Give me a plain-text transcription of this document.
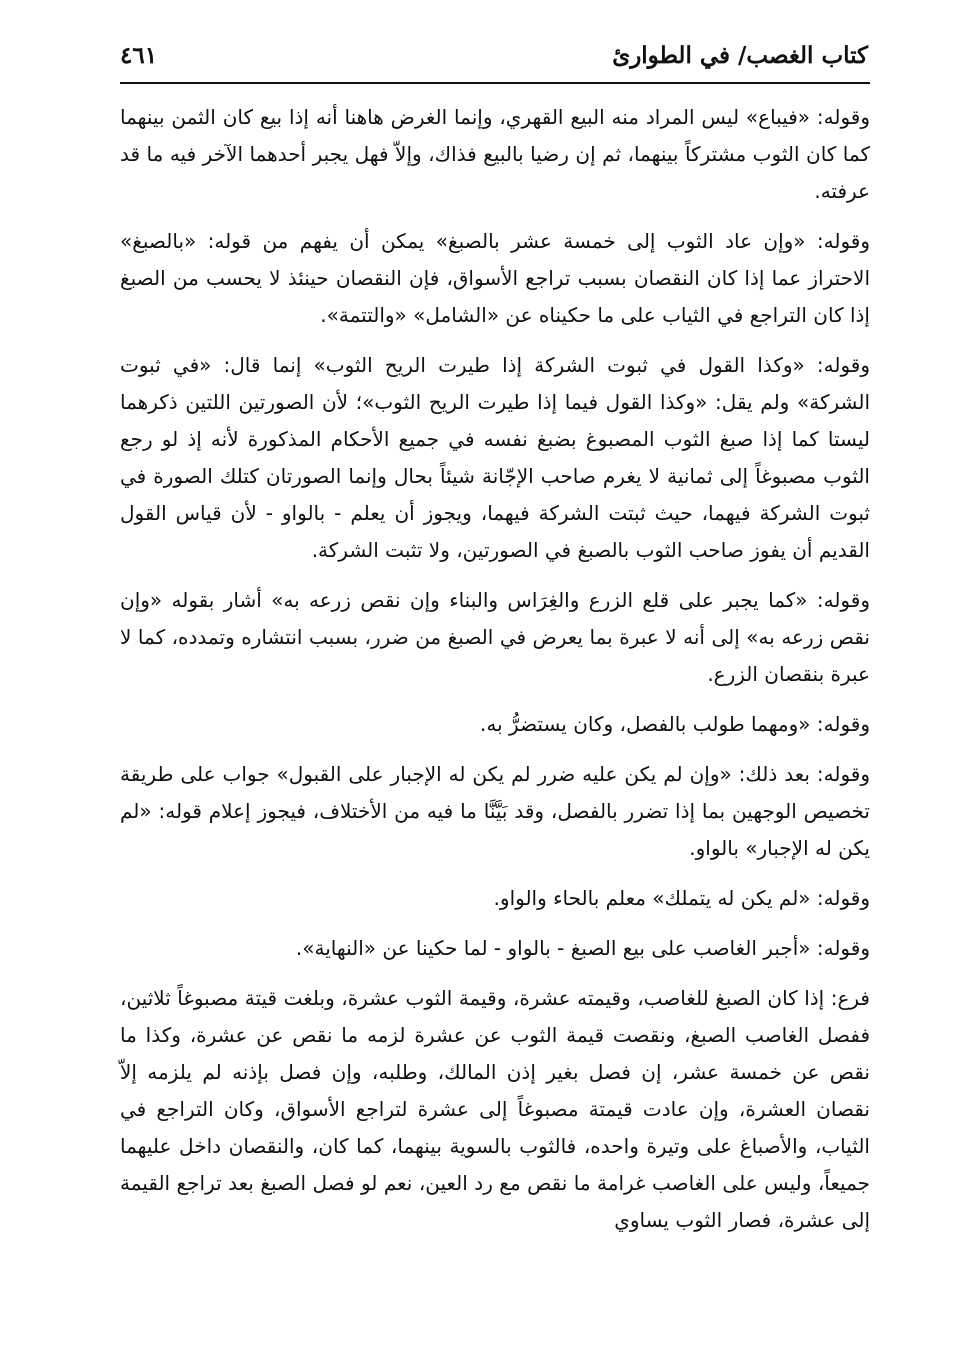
كتاب الغصب/ في الطوارئ
٤٦١

وقوله: «فيباع» ليس المراد منه البيع القهري، وإنما الغرض هاهنا أنه إذا بيع كان الثمن بينهما كما كان الثوب مشتركاً بينهما، ثم إن رضيا بالبيع فذاك، وإلاّ فهل يجبر أحدهما الآخر فيه ما قد عرفته.

وقوله: «وإن عاد الثوب إلى خمسة عشر بالصبغ» يمكن أن يفهم من قوله: «بالصبغ» الاحتراز عما إذا كان النقصان بسبب تراجع الأسواق، فإن النقصان حينئذ لا يحسب من الصبغ إذا كان التراجع في الثياب على ما حكيناه عن «الشامل» «والتتمة».

وقوله: «وكذا القول في ثبوت الشركة إذا طيرت الريح الثوب» إنما قال: «في ثبوت الشركة» ولم يقل: «وكذا القول فيما إذا طيرت الريح الثوب»؛ لأن الصورتين اللتين ذكرهما ليستا كما إذا صبغ الثوب المصبوغ بضبغ نفسه في جميع الأحكام المذكورة لأنه إذ لو رجع الثوب مصبوغاً إلى ثمانية لا يغرم صاحب الإجّانة شيئاً بحال وإنما الصورتان كتلك الصورة في ثبوت الشركة فيهما، حيث ثبتت الشركة فيهما، ويجوز أن يعلم - بالواو - لأن قياس القول القديم أن يفوز صاحب الثوب بالصبغ في الصورتين، ولا تثبت الشركة.

وقوله: «كما يجبر على قلع الزرع والغِرَاس والبناء وإن نقص زرعه به» أشار بقوله «وإن نقص زرعه به» إلى أنه لا عبرة بما يعرض في الصبغ من ضرر، بسبب انتشاره وتمدده، كما لا عبرة بنقصان الزرع.

وقوله: «ومهما طولب بالفصل، وكان يستضرُّ به.

وقوله: بعد ذلك: «وإن لم يكن عليه ضرر لم يكن له الإجبار على القبول» جواب على طريقة تخصيص الوجهين بما إذا تضرر بالفصل، وقد بَيَّنَّا ما فيه من الأختلاف، فيجوز إعلام قوله: «لم يكن له الإجبار» بالواو.

وقوله: «لم يكن له يتملك» معلم بالحاء والواو.

وقوله: «أجبر الغاصب على بيع الصبغ - بالواو - لما حكينا عن «النهاية».

فرع: إذا كان الصبغ للغاصب، وقيمته عشرة، وقيمة الثوب عشرة، وبلغت قيتة مصبوغاً ثلاثين، ففصل الغاصب الصبغ، ونقصت قيمة الثوب عن عشرة لزمه ما نقص عن عشرة، وكذا ما نقص عن خمسة عشر، إن فصل بغير إذن المالك، وطلبه، وإن فصل بإذنه لم يلزمه إلاّ نقصان العشرة، وإن عادت قيمتة مصبوغاً إلى عشرة لتراجع الأسواق، وكان التراجع في الثياب، والأصباغ على وتيرة واحده، فالثوب بالسوية بينهما، كما كان، والنقصان داخل عليهما جميعاً، وليس على الغاصب غرامة ما نقص مع رد العين، نعم لو فصل الصبغ بعد تراجع القيمة إلى عشرة، فصار الثوب يساوي
